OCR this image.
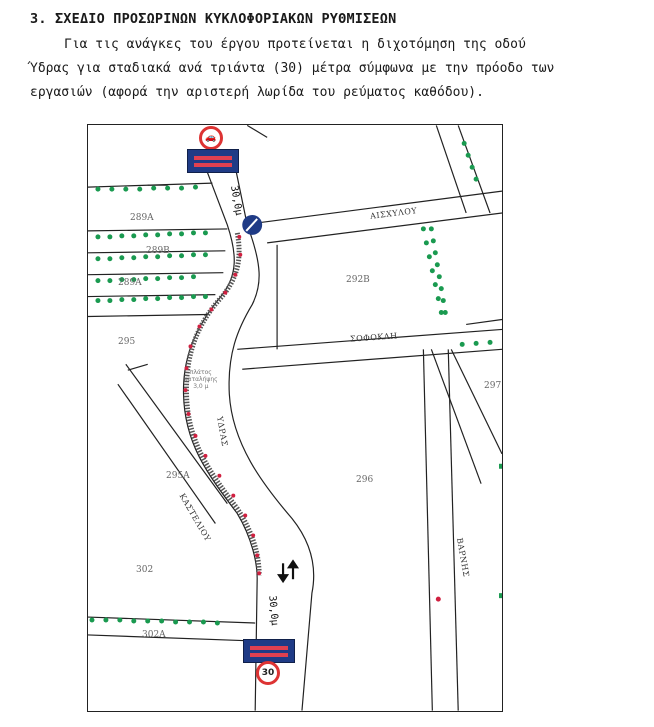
3. ΣΧΕΔΙΟ ΠΡΟΣΩΡΙΝΩΝ ΚΥΚΛΟΦΟΡΙΑΚΩΝ ΡΥΘΜΙΣΕΩΝ
Για τις ανάγκες του έργου προτείνεται η διχοτόμηση της οδού
Ύδρας για σταδιακά ανά τριάντα (30) μέτρα σύμφωνα με την πρόοδο των
εργασιών (αφορά την αριστερή λωρίδα του ρεύματος καθόδου).
🚗
30
289Α
289Β
289Α	292Β
295
295Α	296
297
302
302Α
ΑΙΣΧΥΛΟΥ
ΣΟΦΟΚΛΗ
ΥΔΡΑΣ
ΚΑΣΤΕΛΙΟΥ
ΒΑΡΝΗΣ
πλάτος
καταλήψης
3,0 μ
30,0μ
30,0μ
